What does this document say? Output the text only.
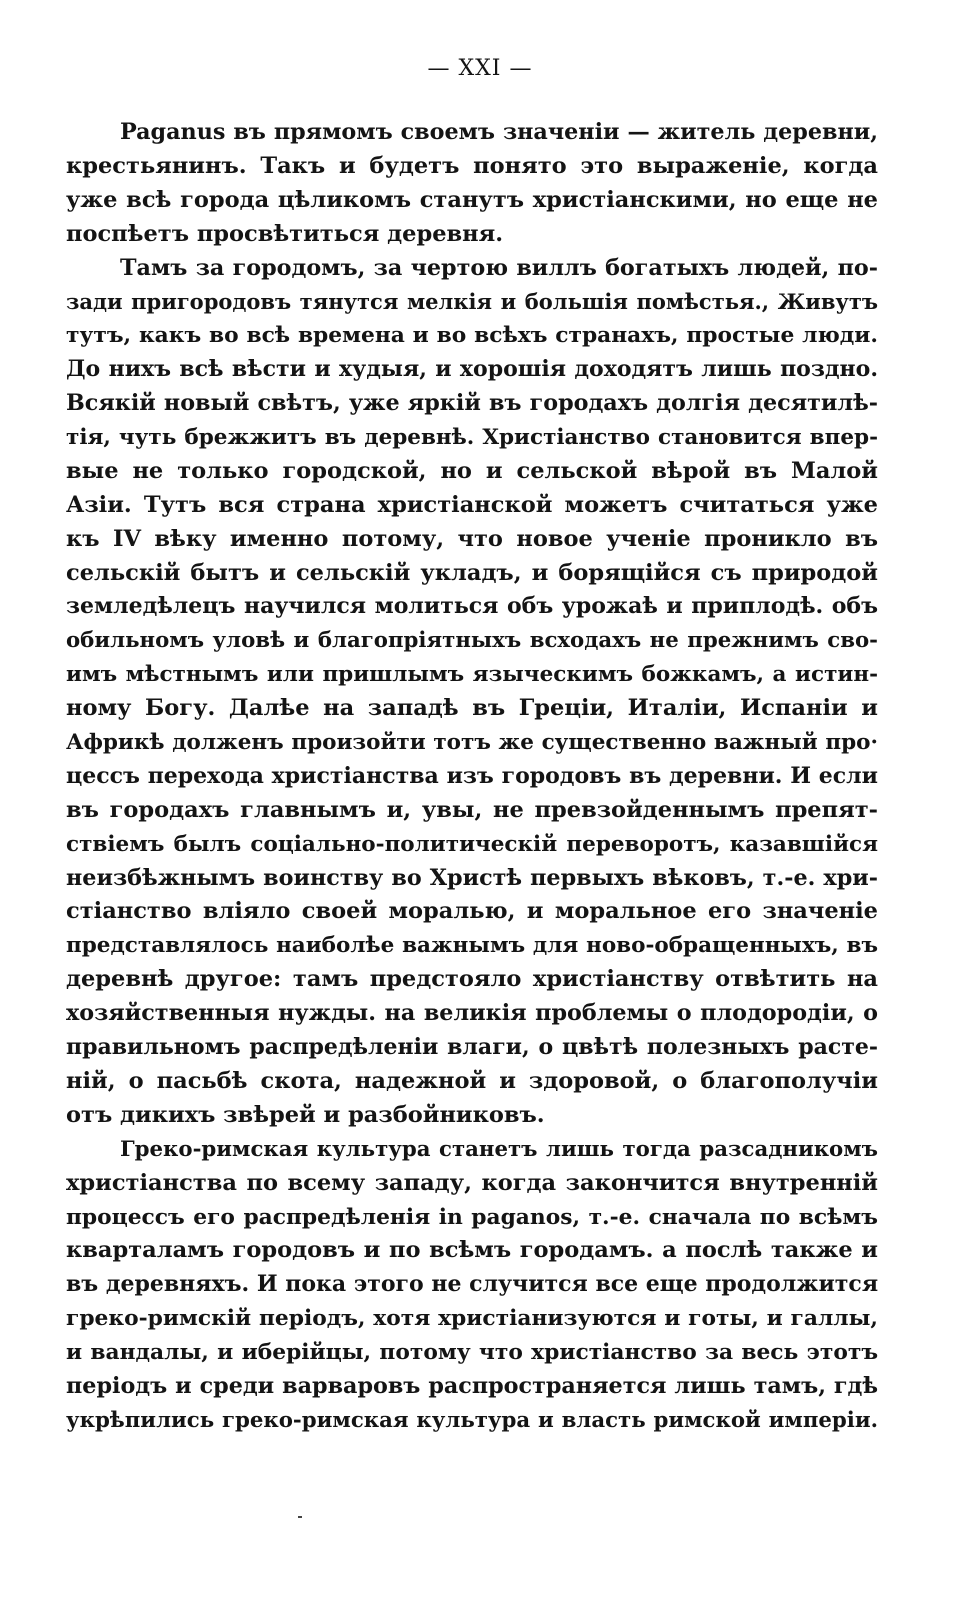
— XXI —

Paganus въ прямомъ своемъ значеніи — житель деревни,
крестьянинъ. Такъ и будетъ понято это выраженіе, когда
уже всѣ города цѣликомъ станутъ христіанскими, но еще не
поспѣетъ просвѣтиться деревня.

Тамъ за городомъ, за чертою виллъ богатыхъ людей, по-
зади пригородовъ тянутся мелкія и большія помѣстья., Живутъ
тутъ, какъ во всѣ времена и во всѣхъ странахъ, простые люди.
До нихъ всѣ вѣсти и худыя, и хорошія доходятъ лишь поздно.
Всякій новый свѣтъ, уже яркій въ городахъ долгія десятилѣ-
тія, чуть брежжитъ въ деревнѣ. Христіанство становится впер-
вые не только городской, но и сельской вѣрой въ Малой
Азіи. Тутъ вся страна христіанской можетъ считаться уже
къ IV вѣку именно потому, что новое ученіе проникло въ
сельскій бытъ и сельскій укладъ, и борящійся съ природой
земледѣлецъ научился молиться объ урожаѣ и приплодѣ. объ
обильномъ уловѣ и благопріятныхъ всходахъ не прежнимъ сво-
имъ мѣстнымъ или пришлымъ языческимъ божкамъ, а истин-
ному Богу. Далѣе на западѣ въ Греціи, Италіи, Испаніи и
Африкѣ долженъ произойти тотъ же существенно важный про·
цессъ перехода христіанства изъ городовъ въ деревни. И если
въ городахъ главнымъ и, увы, не превзойденнымъ препят-
ствіемъ былъ соціально-политическій переворотъ, казавшійся
неизбѣжнымъ воинству во Христѣ первыхъ вѣковъ, т.-е. хри-
стіанство вліяло своей моралью, и моральное его значеніе
представлялось наиболѣе важнымъ для ново-обращенныхъ, въ
деревнѣ другое: тамъ предстояло христіанству отвѣтить на
хозяйственныя нужды. на великія проблемы о плодородіи, о
правильномъ распредѣленіи влаги, о цвѣтѣ полезныхъ расте-
ній, о пасьбѣ скота, надежной и здоровой, о благополучіи
отъ дикихъ звѣрей и разбойниковъ.

Греко-римская культура станетъ лишь тогда разсадникомъ
христіанства по всему западу, когда закончится внутренній
процессъ его распредѣленія in paganos, т.-е. сначала по всѣмъ
кварталамъ городовъ и по всѣмъ городамъ. а послѣ также и
въ деревняхъ. И пока этого не случится все еще продолжится
греко-римскій періодъ, хотя христіанизуются и готы, и галлы,
и вандалы, и иберійцы, потому что христіанство за весь этотъ
періодъ и среди варваровъ распространяется лишь тамъ, гдѣ
укрѣпились греко-римская культура и власть римской имперіи.
